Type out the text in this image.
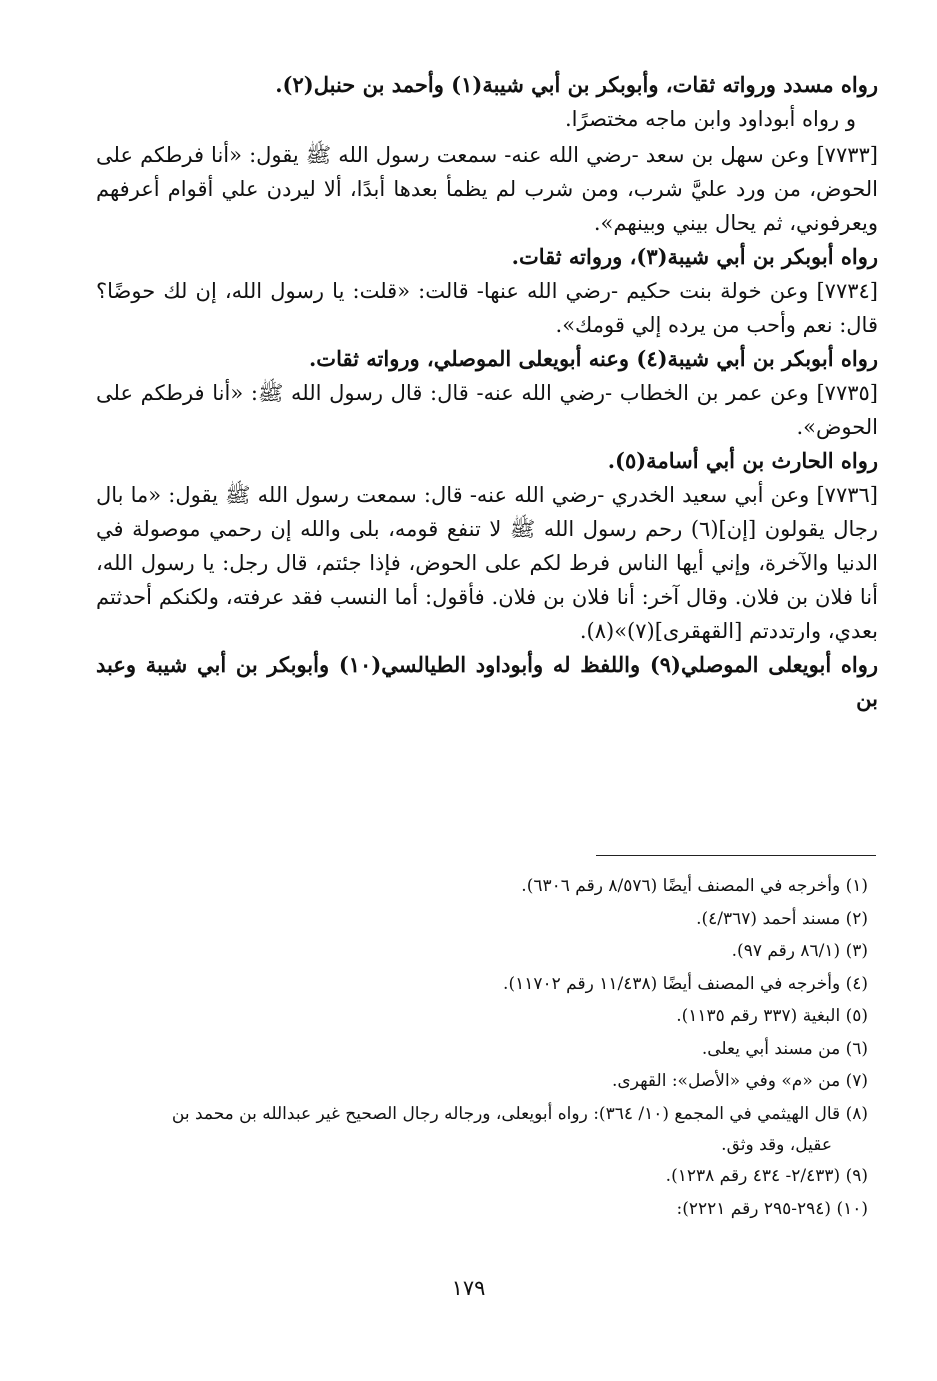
رواه مسدد ورواته ثقات، وأبوبكر بن أبي شيبة(١) وأحمد بن حنبل(٢).

و رواه أبوداود وابن ماجه مختصرًا.

[٧٧٣٣] وعن سهل بن سعد -رضي الله عنه- سمعت رسول الله ﷺ يقول: «أنا فرطكم على الحوض، من ورد عليَّ شرب، ومن شرب لم يظمأ بعدها أبدًا، ألا ليردن علي أقوام أعرفهم ويعرفوني، ثم يحال بيني وبينهم».

رواه أبوبكر بن أبي شيبة(٣)، ورواته ثقات.

[٧٧٣٤] وعن خولة بنت حكيم -رضي الله عنها- قالت: «قلت: يا رسول الله، إن لك حوضًا؟ قال: نعم وأحب من يرده إلي قومك».

رواه أبوبكر بن أبي شيبة(٤) وعنه أبويعلى الموصلي، ورواته ثقات.

[٧٧٣٥] وعن عمر بن الخطاب -رضي الله عنه- قال: قال رسول الله ﷺ: «أنا فرطكم على الحوض».

رواه الحارث بن أبي أسامة(٥).

[٧٧٣٦] وعن أبي سعيد الخدري -رضي الله عنه- قال: سمعت رسول الله ﷺ يقول: «ما بال رجال يقولون [إن](٦) رحم رسول الله ﷺ لا تنفع قومه، بلى والله إن رحمي موصولة في الدنيا والآخرة، وإني أيها الناس فرط لكم على الحوض، فإذا جئتم، قال رجل: يا رسول الله، أنا فلان بن فلان. وقال آخر: أنا فلان بن فلان. فأقول: أما النسب فقد عرفته، ولكنكم أحدثتم بعدي، وارتددتم [القهقرى](٧)»(٨).

رواه أبويعلى الموصلي(٩) واللفظ له وأبوداود الطيالسي(١٠) وأبوبكر بن أبي شيبة وعبد بن

(١) وأخرجه في المصنف أيضًا (٨/٥٧٦ رقم ٦٣٠٦).

(٢) مسند أحمد (٤/٣٦٧).

(٣) (٨٦/١ رقم ٩٧).

(٤) وأخرجه في المصنف أيضًا (١١/٤٣٨ رقم ١١٧٠٢).

(٥) البغية (٣٣٧ رقم ١١٣٥).

(٦) من مسند أبي يعلى.

(٧) من «م» وفي «الأصل»: القهرى.

(٨) قال الهيثمي في المجمع (١٠/ ٣٦٤): رواه أبويعلى، ورجاله رجال الصحيح غير عبدالله بن محمد بن
عقيل، وقد وثق.

(٩) (٢/٤٣٣- ٤٣٤ رقم ١٢٣٨).

(١٠) (٢٩٤-٢٩٥ رقم ٢٢٢١):

١٧٩
